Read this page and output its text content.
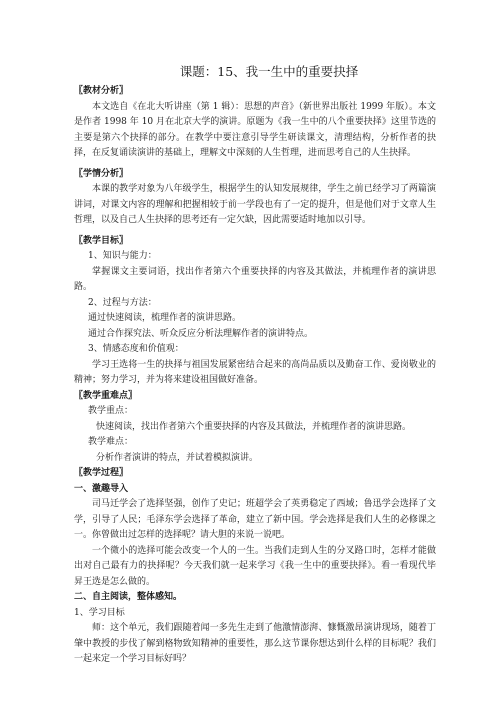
课题：15、我一生中的重要抉择
〖教材分析〗

本文选自《在北大听讲座（第 1 辑）：思想的声音》（新世界出版社 1999 年版）。本文是作者 1998 年 10 月在北京大学的演讲。原题为《我一生中的八个重要抉择》这里节选的主要是第六个抉择的部分。在教学中要注意引导学生研读课文，清理结构，分析作者的抉择，在反复诵读演讲的基础上，理解文中深刻的人生哲理，进而思考自己的人生抉择。

〖学情分析〗

本课的教学对象为八年级学生，根据学生的认知发展规律，学生之前已经学习了两篇演讲词，对课文内容的理解和把握相较于前一学段也有了一定的提升，但是他们对于文章人生哲理，以及自己人生抉择的思考还有一定欠缺，因此需要适时地加以引导。

〖教学目标〗

1、知识与能力：

掌握课文主要词语，找出作者第六个重要抉择的内容及其做法，并梳理作者的演讲思路。

2、过程与方法：

通过快速阅读，梳理作者的演讲思路。

通过合作探究法、听众反应分析法理解作者的演讲特点。

3、情感态度和价值观：

学习王选将一生的抉择与祖国发展紧密结合起来的高尚品质以及勤奋工作、爱岗敬业的精神；努力学习，并为将来建设祖国做好准备。

〖教学重难点〗

教学重点：

快速阅读，找出作者第六个重要抉择的内容及其做法，并梳理作者的演讲思路。

教学难点：

分析作者演讲的特点，并试着模拟演讲。

〖教学过程〗
一、激趣导入

司马迁学会了选择坚强，创作了史记；班超学会了英勇稳定了西域；鲁迅学会选择了文学，引导了人民；毛泽东学会选择了革命，建立了新中国。学会选择是我们人生的必修课之一。你曾做出过怎样的选择呢？请大胆的来说一说吧。

一个微小的选择可能会改变一个人的一生。当我们走到人生的分叉路口时，怎样才能做出对自己最有力的抉择呢？今天我们就一起来学习《我一生中的重要抉择》。看一看现代毕昇王选是怎么做的。

二、自主阅读，整体感知。

1、学习目标

师：这个单元，我们跟随着闻一多先生走到了他激情澎湃、慷慨激昂演讲现场，随着丁肇中教授的步伐了解到格物致知精神的重要性，那么这节课你想达到什么样的目标呢？我们一起来定一个学习目标好吗？
